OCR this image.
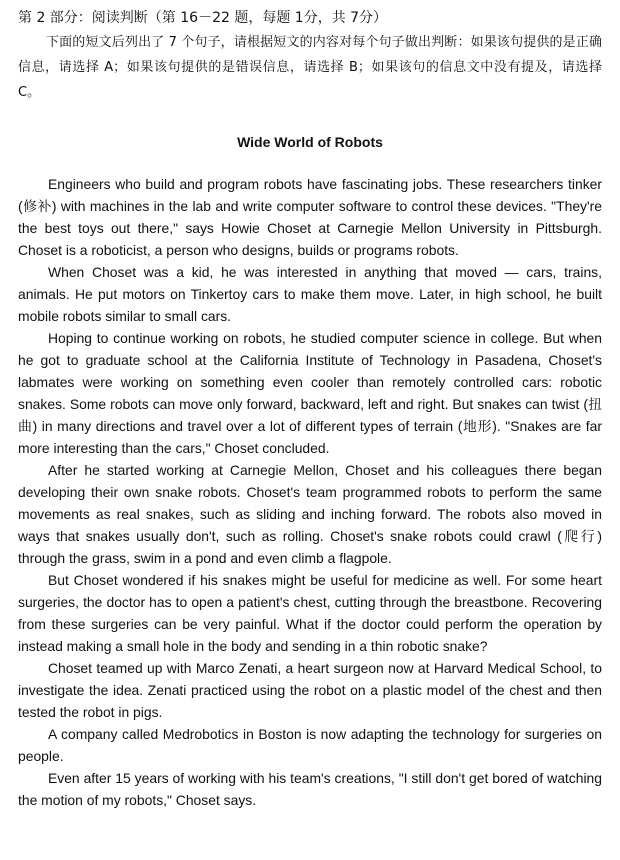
第 2 部分：阅读判断（第 16－22 题，每题 1分，共 7分）

下面的短文后列出了 7 个句子，请根据短文的内容对每个句子做出判断：如果该句提供的是正确信息，请选择 A；如果该句提供的是错误信息，请选择 B；如果该句的信息文中没有提及，请选择 C。

Wide World of Robots

Engineers who build and program robots have fascinating jobs. These researchers tinker (修补) with machines in the lab and write computer software to control these devices. "They're the best toys out there," says Howie Choset at Carnegie Mellon University in Pittsburgh. Choset is a roboticist, a person who designs, builds or programs robots.

When Choset was a kid, he was interested in anything that moved — cars, trains, animals. He put motors on Tinkertoy cars to make them move. Later, in high school, he built mobile robots similar to small cars.

Hoping to continue working on robots, he studied computer science in college. But when he got to graduate school at the California Institute of Technology in Pasadena, Choset's labmates were working on something even cooler than remotely controlled cars: robotic snakes. Some robots can move only forward, backward, left and right. But snakes can twist (扭曲) in many directions and travel over a lot of different types of terrain (地形). "Snakes are far more interesting than the cars," Choset concluded.

After he started working at Carnegie Mellon, Choset and his colleagues there began developing their own snake robots. Choset's team programmed robots to perform the same movements as real snakes, such as sliding and inching forward. The robots also moved in ways that snakes usually don't, such as rolling. Choset's snake robots could crawl (爬行) through the grass, swim in a pond and even climb a flagpole.

But Choset wondered if his snakes might be useful for medicine as well. For some heart surgeries, the doctor has to open a patient's chest, cutting through the breastbone. Recovering from these surgeries can be very painful. What if the doctor could perform the operation by instead making a small hole in the body and sending in a thin robotic snake?

Choset teamed up with Marco Zenati, a heart surgeon now at Harvard Medical School, to investigate the idea. Zenati practiced using the robot on a plastic model of the chest and then tested the robot in pigs.

A company called Medrobotics in Boston is now adapting the technology for surgeries on people.

Even after 15 years of working with his team's creations, "I still don't get bored of watching the motion of my robots," Choset says.
